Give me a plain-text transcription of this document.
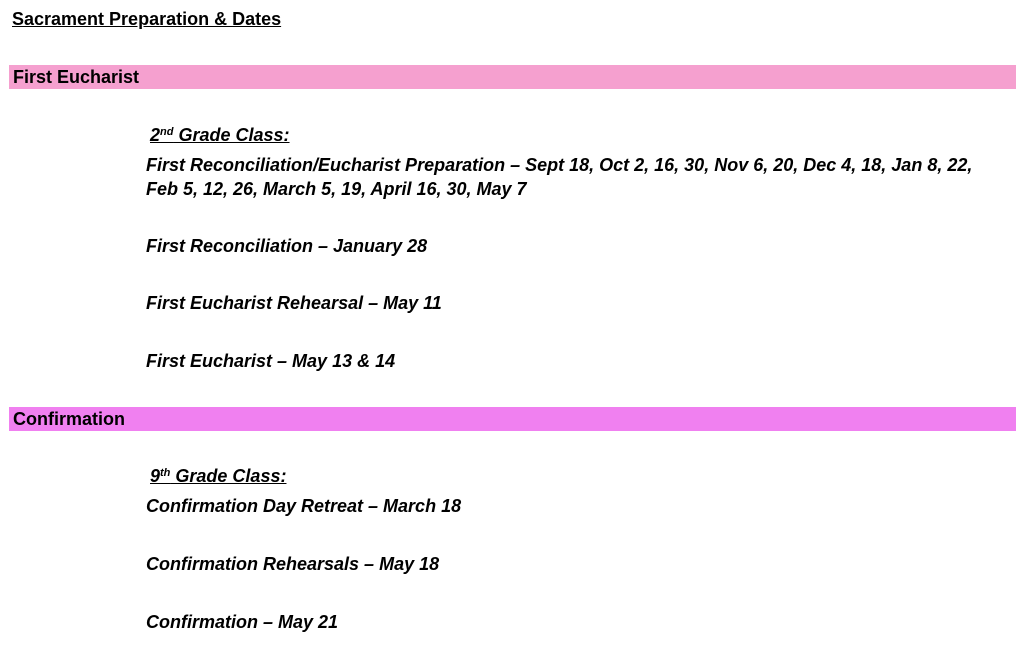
Sacrament Preparation & Dates
First Eucharist
2nd Grade Class:
First Reconciliation/Eucharist Preparation – Sept 18, Oct 2, 16, 30, Nov 6, 20, Dec 4, 18, Jan 8, 22, Feb 5, 12, 26, March 5, 19, April 16, 30, May 7
First Reconciliation – January 28
First Eucharist Rehearsal – May 11
First Eucharist – May 13 & 14
Confirmation
9th Grade Class:
Confirmation Day Retreat – March 18
Confirmation Rehearsals – May 18
Confirmation – May 21
